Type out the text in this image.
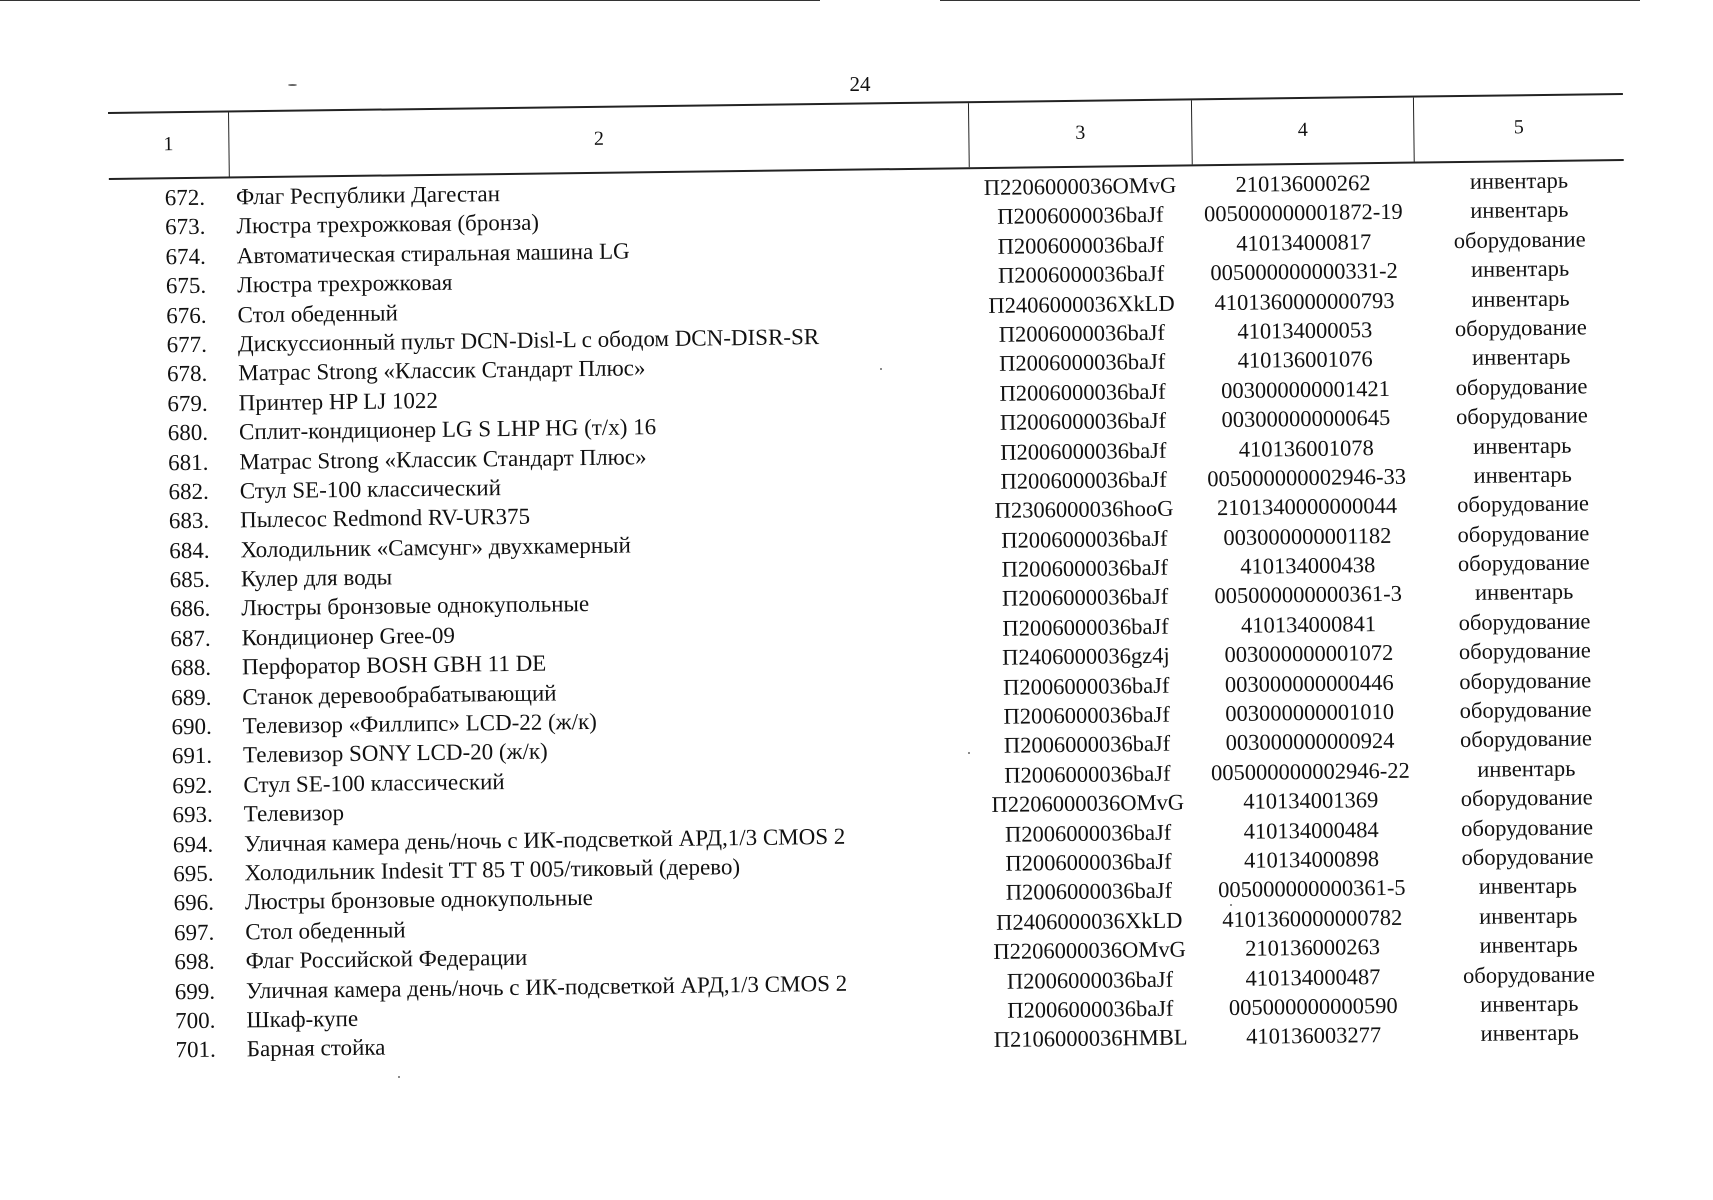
24
1	2	3	4	5
672. Флаг Республики Дагестан	П2206000036OMvG	210136000262	инвентарь
673. Люстра трехрожковая (бронза)	П2006000036baJf	005000000001872-19	инвентарь
674. Автоматическая стиральная машина LG	П2006000036baJf	410134000817	оборудование
675. Люстра трехрожковая	П2006000036baJf	005000000000331-2	инвентарь
676. Стол обеденный	П2406000036XkLD	4101360000000793	инвентарь
677. Дискуссионный пульт DCN-Disl-L с ободом DCN-DISR-SR	П2006000036baJf	410134000053	оборудование
678. Матрас Strong «Классик Стандарт Плюс»	П2006000036baJf	410136001076	инвентарь
679. Принтер HP LJ 1022	П2006000036baJf	003000000001421	оборудование
680. Сплит-кондиционер LG S LHP HG (т/х) 16	П2006000036baJf	003000000000645	оборудование
681. Матрас Strong «Классик Стандарт Плюс»	П2006000036baJf	410136001078	инвентарь
682. Стул SE-100 классический	П2006000036baJf	005000000002946-33	инвентарь
683. Пылесос Redmond RV-UR375	П2306000036hooG	2101340000000044	оборудование
684. Холодильник «Самсунг» двухкамерный	П2006000036baJf	003000000001182	оборудование
685. Кулер для воды	П2006000036baJf	410134000438	оборудование
686. Люстры бронзовые однокупольные	П2006000036baJf	005000000000361-3	инвентарь
687. Кондиционер Gree-09	П2006000036baJf	410134000841	оборудование
688. Перфоратор BOSH GBH 11 DE	П2406000036gz4j	003000000001072	оборудование
689. Станок деревообрабатывающий	П2006000036baJf	003000000000446	оборудование
690. Телевизор «Филлипс» LCD-22 (ж/к)	П2006000036baJf	003000000001010	оборудование
691. Телевизор SONY LCD-20 (ж/к)	П2006000036baJf	003000000000924	оборудование
692. Стул SE-100 классический	П2006000036baJf	005000000002946-22	инвентарь
693. Телевизор	П2206000036OMvG	410134001369	оборудование
694. Уличная камера день/ночь с ИК-подсветкой АРД,1/3 CMOS 2	П2006000036baJf	410134000484	оборудование
695. Холодильник Indesit TT 85 T 005/тиковый (дерево)	П2006000036baJf	410134000898	оборудование
696. Люстры бронзовые однокупольные	П2006000036baJf	005000000000361-5	инвентарь
697. Стол обеденный	П2406000036XkLD	4101360000000782	инвентарь
698. Флаг Российской Федерации	П2206000036OMvG	210136000263	инвентарь
699. Уличная камера день/ночь с ИК-подсветкой АРД,1/3 CMOS 2	П2006000036baJf	410134000487	оборудование
700. Шкаф-купе	П2006000036baJf	005000000000590	инвентарь
701. Барная стойка	П2106000036HMBL	410136003277	инвентарь
